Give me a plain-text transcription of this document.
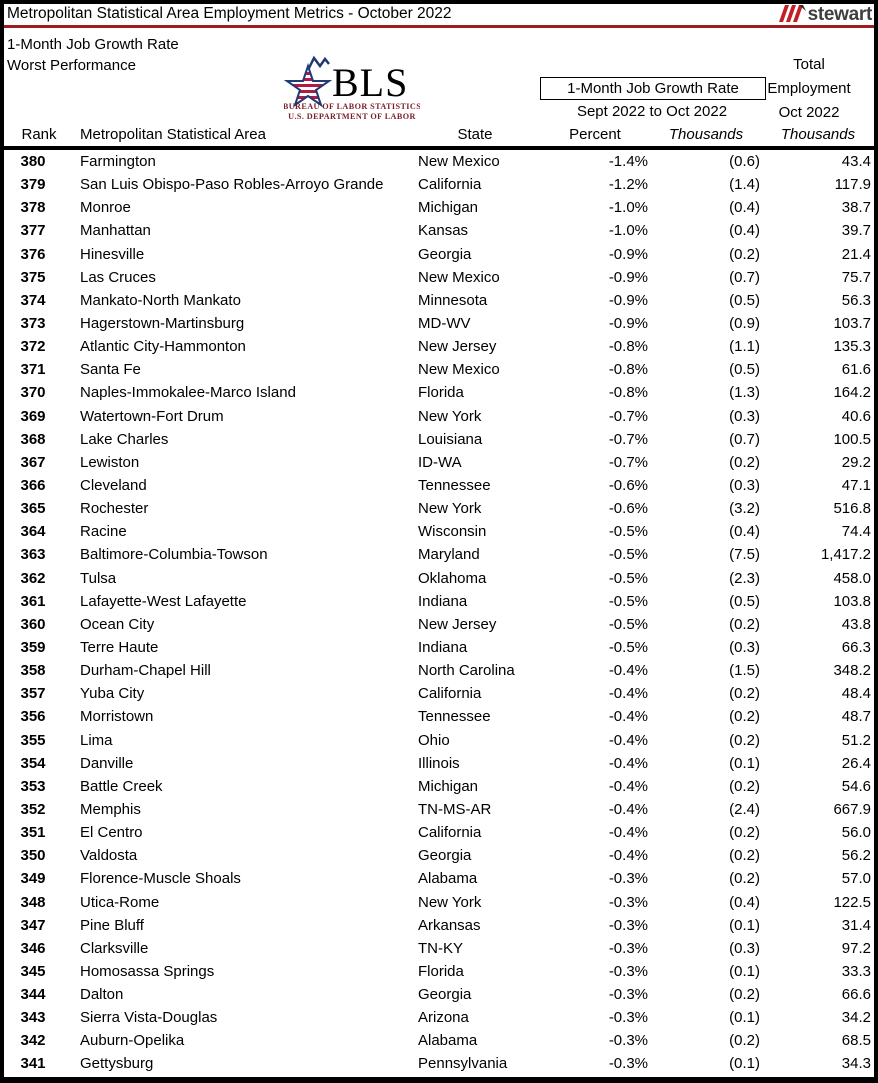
Metropolitan Statistical Area Employment Metrics - October 2022	stewart
1-Month Job Growth Rate
Worst Performance	BLS
BUREAU OF LABOR STATISTICS
U.S. DEPARTMENT OF LABOR
Total
1-Month Job Growth Rate	Employment
Sept 2022 to Oct 2022	Oct 2022
Rank	Metropolitan Statistical Area	State	Percent	Thousands	Thousands
380	Farmington	New Mexico	-1.4%	(0.6)	43.4
379	San Luis Obispo-Paso Robles-Arroyo Grande	California	-1.2%	(1.4)	117.9
378	Monroe	Michigan	-1.0%	(0.4)	38.7
377	Manhattan	Kansas	-1.0%	(0.4)	39.7
376	Hinesville	Georgia	-0.9%	(0.2)	21.4
375	Las Cruces	New Mexico	-0.9%	(0.7)	75.7
374	Mankato-North Mankato	Minnesota	-0.9%	(0.5)	56.3
373	Hagerstown-Martinsburg	MD-WV	-0.9%	(0.9)	103.7
372	Atlantic City-Hammonton	New Jersey	-0.8%	(1.1)	135.3
371	Santa Fe	New Mexico	-0.8%	(0.5)	61.6
370	Naples-Immokalee-Marco Island	Florida	-0.8%	(1.3)	164.2
369	Watertown-Fort Drum	New York	-0.7%	(0.3)	40.6
368	Lake Charles	Louisiana	-0.7%	(0.7)	100.5
367	Lewiston	ID-WA	-0.7%	(0.2)	29.2
366	Cleveland	Tennessee	-0.6%	(0.3)	47.1
365	Rochester	New York	-0.6%	(3.2)	516.8
364	Racine	Wisconsin	-0.5%	(0.4)	74.4
363	Baltimore-Columbia-Towson	Maryland	-0.5%	(7.5)	1,417.2
362	Tulsa	Oklahoma	-0.5%	(2.3)	458.0
361	Lafayette-West Lafayette	Indiana	-0.5%	(0.5)	103.8
360	Ocean City	New Jersey	-0.5%	(0.2)	43.8
359	Terre Haute	Indiana	-0.5%	(0.3)	66.3
358	Durham-Chapel Hill	North Carolina	-0.4%	(1.5)	348.2
357	Yuba City	California	-0.4%	(0.2)	48.4
356	Morristown	Tennessee	-0.4%	(0.2)	48.7
355	Lima	Ohio	-0.4%	(0.2)	51.2
354	Danville	Illinois	-0.4%	(0.1)	26.4
353	Battle Creek	Michigan	-0.4%	(0.2)	54.6
352	Memphis	TN-MS-AR	-0.4%	(2.4)	667.9
351	El Centro	California	-0.4%	(0.2)	56.0
350	Valdosta	Georgia	-0.4%	(0.2)	56.2
349	Florence-Muscle Shoals	Alabama	-0.3%	(0.2)	57.0
348	Utica-Rome	New York	-0.3%	(0.4)	122.5
347	Pine Bluff	Arkansas	-0.3%	(0.1)	31.4
346	Clarksville	TN-KY	-0.3%	(0.3)	97.2
345	Homosassa Springs	Florida	-0.3%	(0.1)	33.3
344	Dalton	Georgia	-0.3%	(0.2)	66.6
343	Sierra Vista-Douglas	Arizona	-0.3%	(0.1)	34.2
342	Auburn-Opelika	Alabama	-0.3%	(0.2)	68.5
341	Gettysburg	Pennsylvania	-0.3%	(0.1)	34.3
